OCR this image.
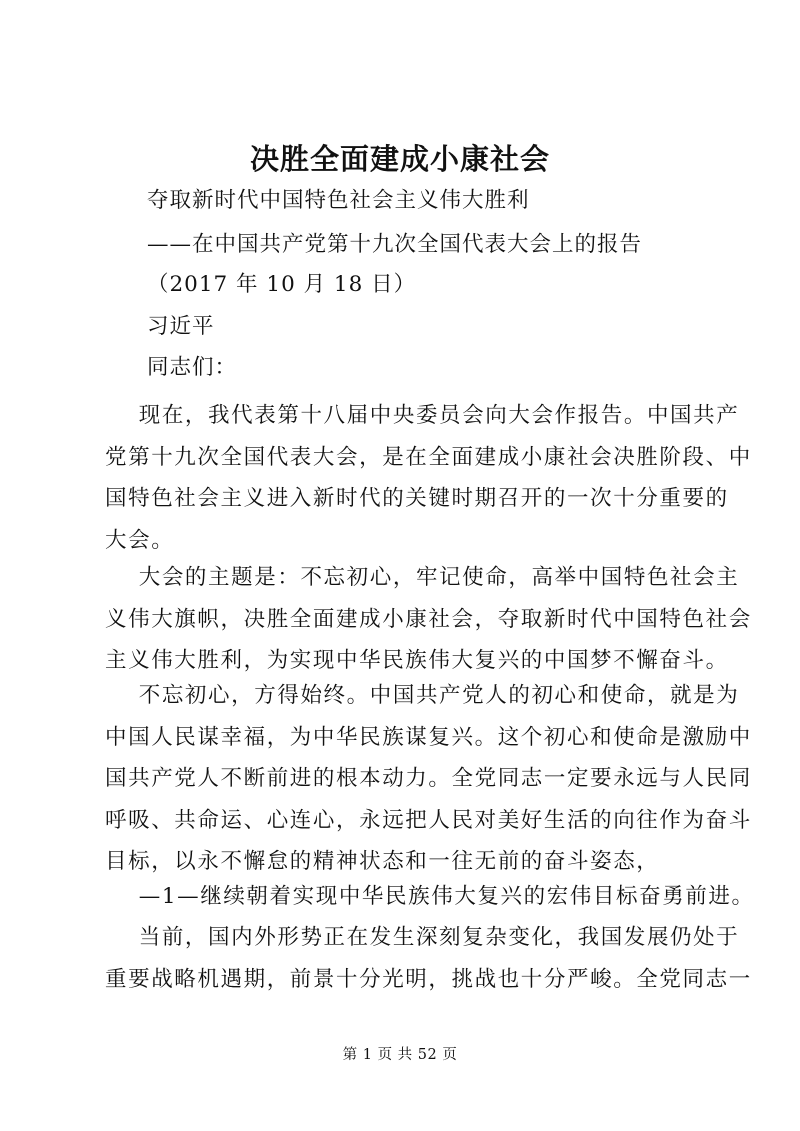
决胜全面建成小康社会
夺取新时代中国特色社会主义伟大胜利
——在中国共产党第十九次全国代表大会上的报告
（2017 年 10 月 18 日）
习近平
同志们：
现在，我代表第十八届中央委员会向大会作报告。中国共产
党第十九次全国代表大会，是在全面建成小康社会决胜阶段、中
国特色社会主义进入新时代的关键时期召开的一次十分重要的
大会。
大会的主题是：不忘初心，牢记使命，高举中国特色社会主
义伟大旗帜，决胜全面建成小康社会，夺取新时代中国特色社会
主义伟大胜利，为实现中华民族伟大复兴的中国梦不懈奋斗。
不忘初心，方得始终。中国共产党人的初心和使命，就是为
中国人民谋幸福，为中华民族谋复兴。这个初心和使命是激励中
国共产党人不断前进的根本动力。全党同志一定要永远与人民同
呼吸、共命运、心连心，永远把人民对美好生活的向往作为奋斗
目标，以永不懈怠的精神状态和一往无前的奋斗姿态，
—1—继续朝着实现中华民族伟大复兴的宏伟目标奋勇前进。
当前，国内外形势正在发生深刻复杂变化，我国发展仍处于
重要战略机遇期，前景十分光明，挑战也十分严峻。全党同志一
第 1 页 共 52 页
